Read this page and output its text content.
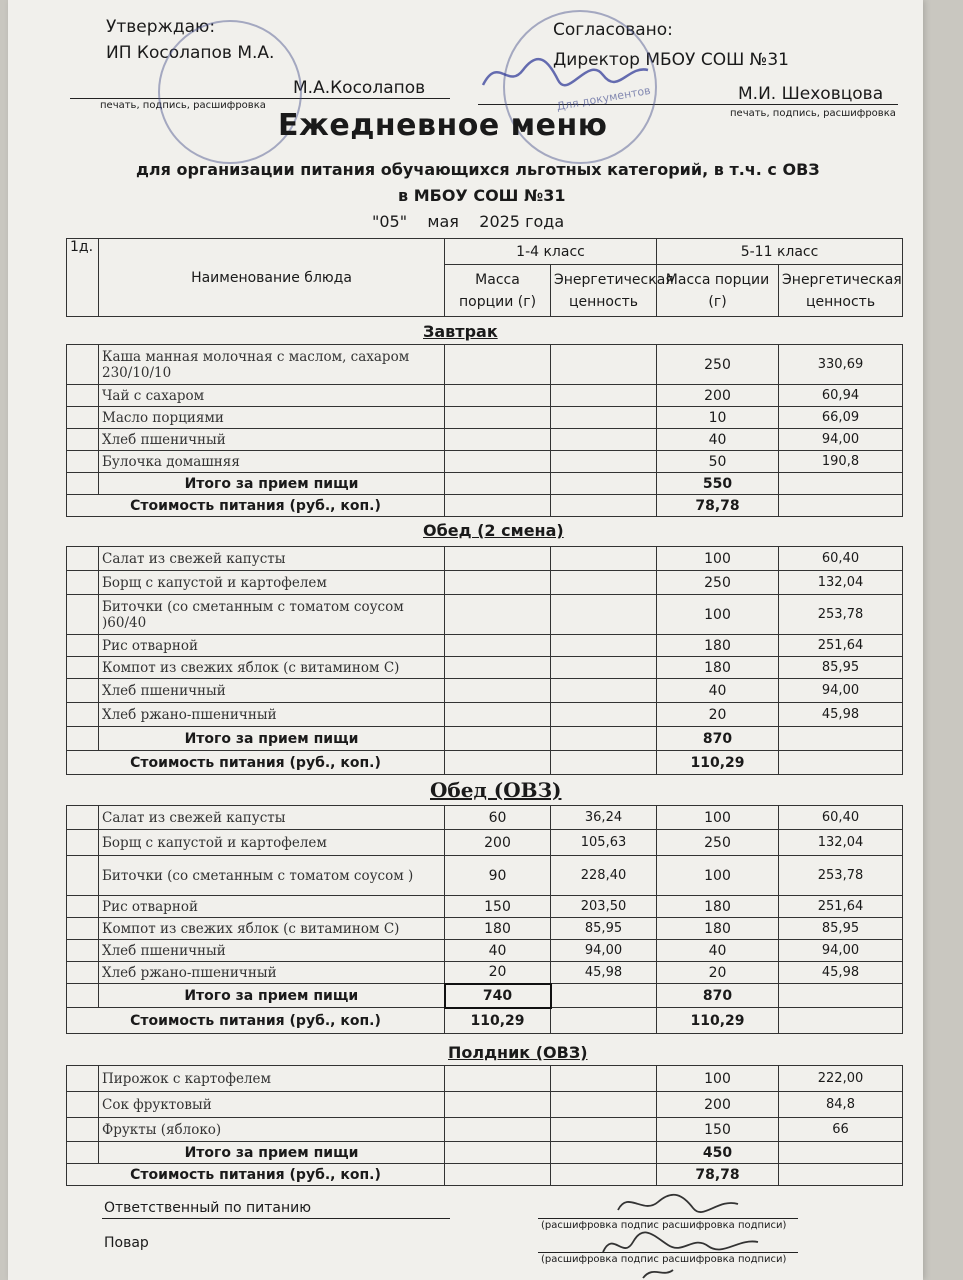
Утверждаю:
ИП Косолапов М.А.
М.А.Косолапов
печать, подпись, расшифровка
Согласовано:
Директор МБОУ СОШ №31
М.И. Шеховцова
печать, подпись, расшифровка
Для документов
Ежедневное меню
для организации питания обучающихся льготных категорий, в т.ч. с ОВЗ
в МБОУ СОШ №31
"05" мая 2025 года
1д.	Наименование блюда	1-4 класс		5-11 класс	
		Масса порции (г)	Энергетическая ценность	Масса порции (г)	Энергетическая ценность
Завтрак
	Каша манная молочная с маслом, сахаром 230/10/10			250	330,69
	Чай с сахаром			200	60,94
	Масло порциями			10	66,09
	Хлеб пшеничный			40	94,00
	Булочка домашняя			50	190,8
	Итого за прием пищи			550	
Стоимость питания (руб., коп.)				78,78	
Обед (2 смена)
	Салат из свежей капусты			100	60,40
	Борщ с капустой и картофелем			250	132,04
	Биточки (со сметанным с томатом соусом )60/40			100	253,78
	Рис отварной			180	251,64
	Компот из свежих яблок (с витамином С)			180	85,95
	Хлеб пшеничный			40	94,00
	Хлеб ржано-пшеничный			20	45,98
	Итого за прием пищи			870	
Стоимость питания (руб., коп.)				110,29	
Обед (ОВЗ)
	Салат из свежей капусты	60	36,24	100	60,40
	Борщ с капустой и картофелем	200	105,63	250	132,04
	Биточки (со сметанным с томатом соусом )	90	228,40	100	253,78
	Рис отварной	150	203,50	180	251,64
	Компот из свежих яблок (с витамином С)	180	85,95	180	85,95
	Хлеб пшеничный	40	94,00	40	94,00
	Хлеб ржано-пшеничный	20	45,98	20	45,98
	Итого за прием пищи	740		870	
Стоимость питания (руб., коп.)		110,29		110,29	
Полдник (ОВЗ)
	Пирожок с картофелем			100	222,00
	Сок фруктовый			200	84,8
	Фрукты (яблоко)			150	66
	Итого за прием пищи			450	
Стоимость питания (руб., коп.)				78,78	
Ответственный по питанию
Повар
(расшифровка подпис расшифровка подписи)
(расшифровка подпис расшифровка подписи)
